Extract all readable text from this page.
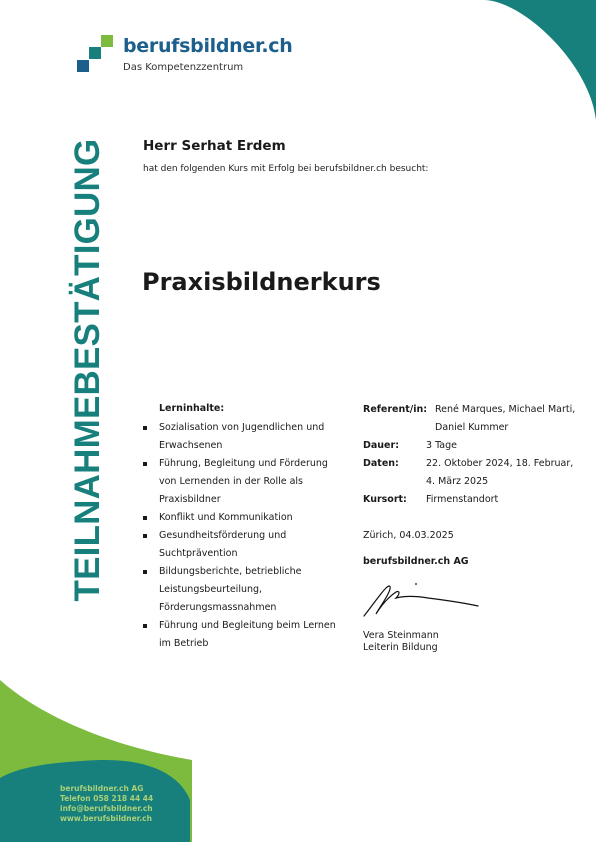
berufsbildner.ch
Das Kompetenzzentrum
TEILNAHMEBESTÄTIGUNG	Herr Serhat Erdem
hat den folgenden Kurs mit Erfolg bei berufsbildner.ch besucht:
Praxisbildnerkurs
Lerninhalte:
Sozialisation von Jugendlichen und Erwachsenen
Führung, Begleitung und Förderung von Lernenden in der Rolle als Praxisbildner
Konflikt und Kommunikation
Gesundheitsförderung und Suchtprävention
Bildungsberichte, betriebliche Leistungsbeurteilung, Förderungsmassnahmen
Führung und Begleitung beim Lernen im Betrieb
Referent/in: René Marques, Michael Marti, Daniel Kummer
Dauer:	3 Tage
Daten:	22. Oktober 2024, 18. Februar, 4. März 2025
Kursort:	Firmenstandort
Zürich, 04.03.2025
berufsbildner.ch AG
Vera Steinmann
Leiterin Bildung
berufsbildner.ch AG
Telefon 058 218 44 44
info@berufsbildner.ch
www.berufsbildner.ch
